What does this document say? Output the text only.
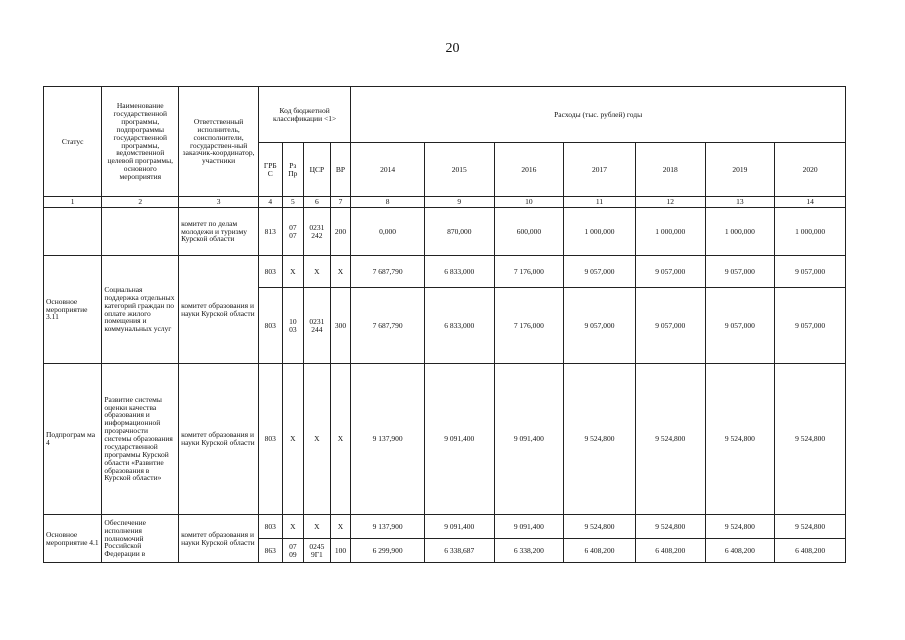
20
Статус	Наименование государственной программы, подпрограммы государственной программы, ведомственной целевой программы, основного мероприятия	Ответственный исполнитель, соисполнители, государствен-ный заказчик-координатор, участники	Код бюджетной классификации <1>				Расходы (тыс. рублей) годы						
			ГРБ С	Рз Пр	ЦСР	ВР	2014	2015	2016	2017	2018	2019	2020
1	2	3	4	5	6	7	8	9	10	11	12	13	14
		комитет по делам молодежи и туризму Курской области	813	07 07	0231 242	200	0,000	870,000	600,000	1 000,000	1 000,000	1 000,000	1 000,000
Основное мероприятие 3.11	Социальная поддержка отдельных категорий граждан по оплате жилого помещения и коммунальных услуг	комитет образования и науки Курской области	803	X	X	X	7 687,790	6 833,000	7 176,000	9 057,000	9 057,000	9 057,000	9 057,000
			803	10 03	0231 244	300	7 687,790	6 833,000	7 176,000	9 057,000	9 057,000	9 057,000	9 057,000
Подпрограм ма 4	Развитие системы оценки качества образования и информационной прозрачности системы образования государственной программы Курской области «Развитие образования в Курской области»	комитет образования и науки Курской области	803	X	X	X	9 137,900	9 091,400	9 091,400	9 524,800	9 524,800	9 524,800	9 524,800
Основное мероприятие 4.1	Обеспечение исполнения полномочий Российской Федерации в	комитет образования и науки Курской области	803	X	X	X	9 137,900	9 091,400	9 091,400	9 524,800	9 524,800	9 524,800	9 524,800
			863	07 09	0245 9Г1	100	6 299,900	6 338,687	6 338,200	6 408,200	6 408,200	6 408,200	6 408,200
